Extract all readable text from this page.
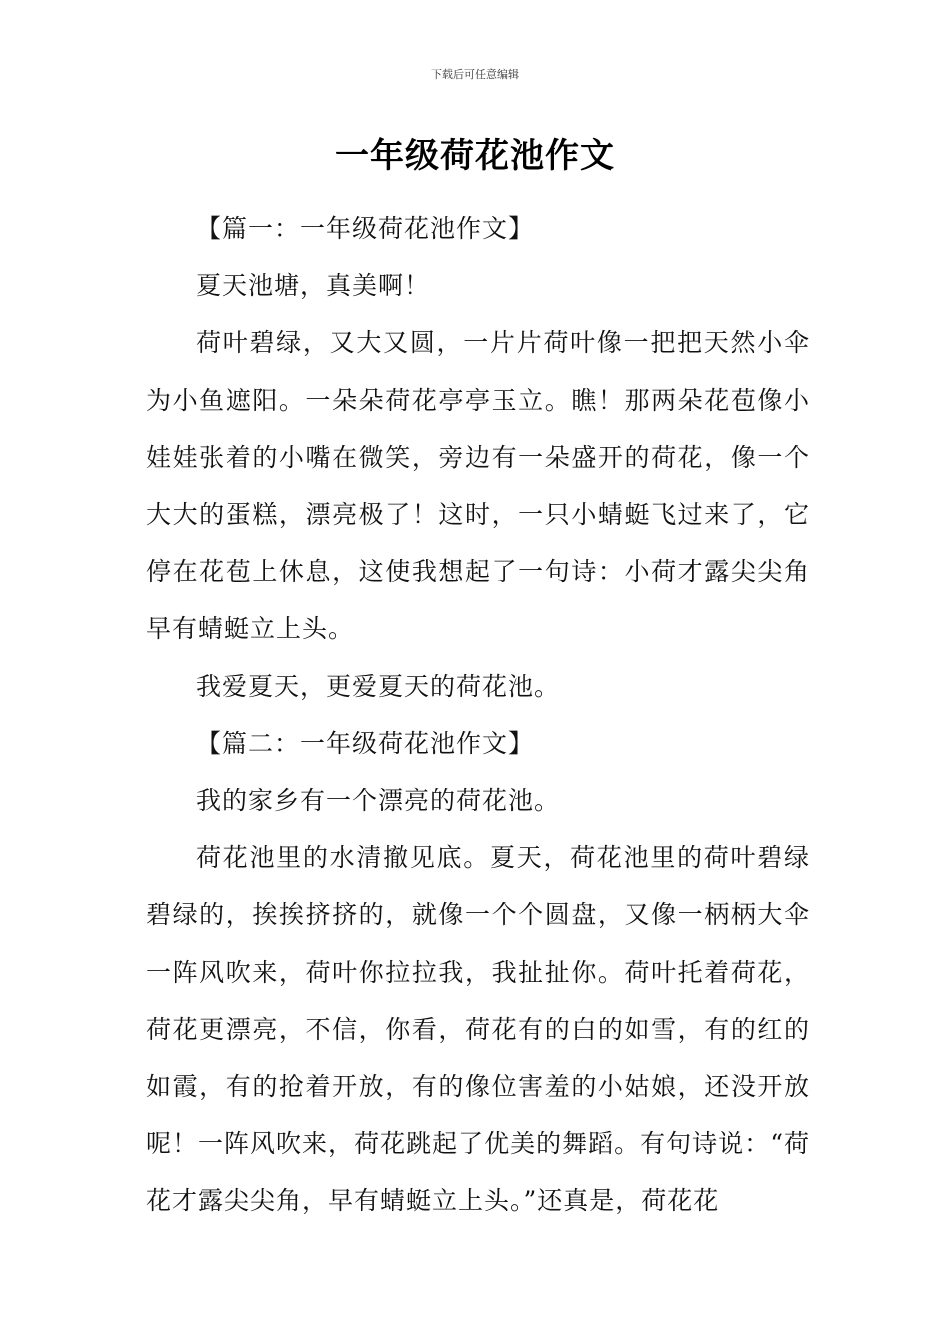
下载后可任意编辑
一年级荷花池作文

【篇一：一年级荷花池作文】

夏天池塘，真美啊！

荷叶碧绿，又大又圆，一片片荷叶像一把把天然小伞为小鱼遮阳。一朵朵荷花亭亭玉立。瞧！那两朵花苞像小娃娃张着的小嘴在微笑，旁边有一朵盛开的荷花，像一个大大的蛋糕，漂亮极了！这时，一只小蜻蜓飞过来了，它停在花苞上休息，这使我想起了一句诗：小荷才露尖尖角早有蜻蜓立上头。

我爱夏天，更爱夏天的荷花池。

【篇二：一年级荷花池作文】

我的家乡有一个漂亮的荷花池。

荷花池里的水清撤见底。夏天，荷花池里的荷叶碧绿碧绿的，挨挨挤挤的，就像一个个圆盘，又像一柄柄大伞一阵风吹来，荷叶你拉拉我，我扯扯你。荷叶托着荷花，荷花更漂亮，不信，你看，荷花有的白的如雪，有的红的如霞，有的抢着开放，有的像位害羞的小姑娘，还没开放呢！一阵风吹来，荷花跳起了优美的舞蹈。有句诗说：“荷花才露尖尖角，早有蜻蜓立上头。”还真是，荷花花
